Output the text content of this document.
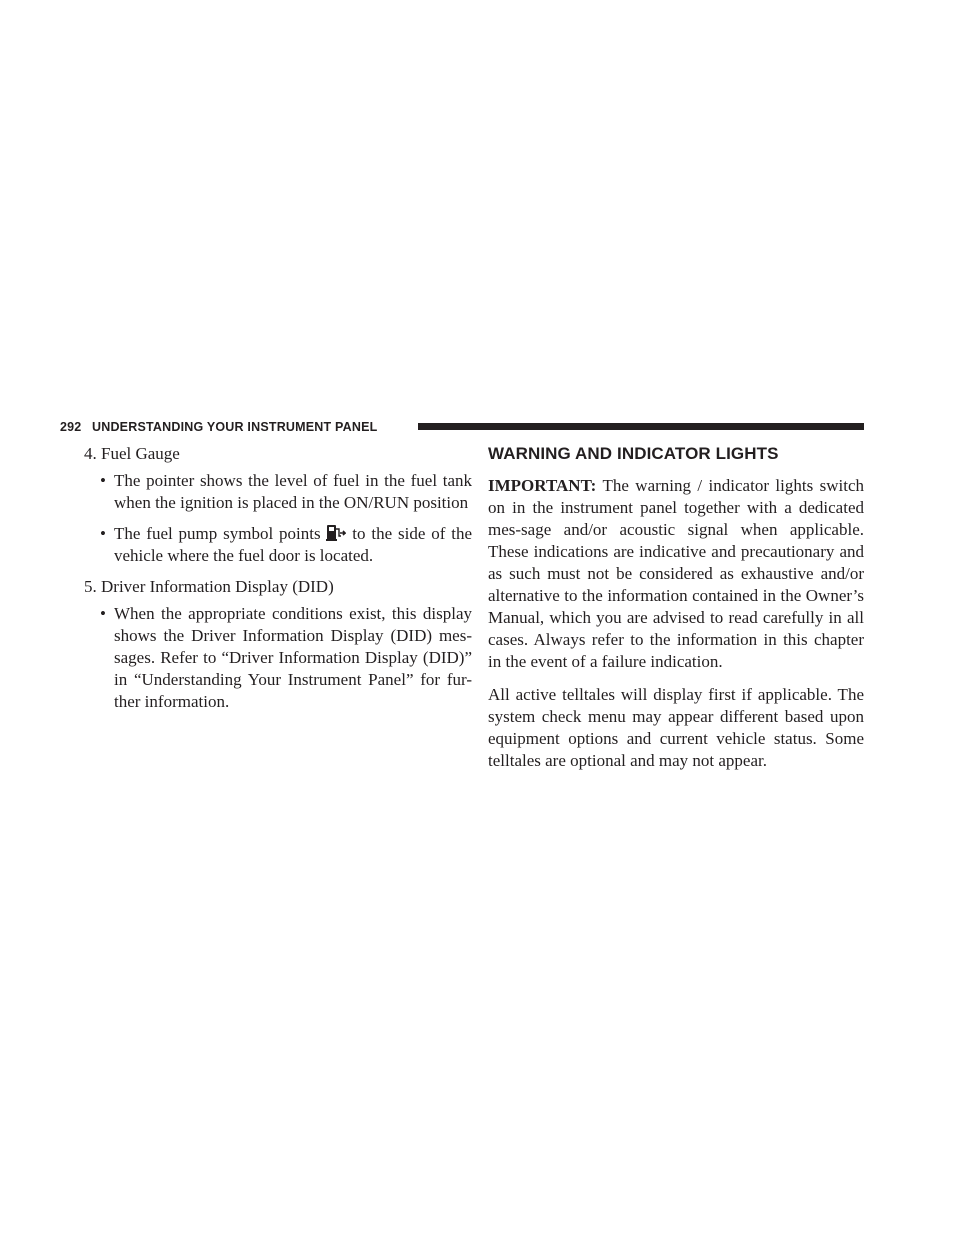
292 UNDERSTANDING YOUR INSTRUMENT PANEL

4. Fuel Gauge

• The pointer shows the level of fuel in the fuel tank when the ignition is placed in the ON/RUN position

• The fuel pump symbol points  to the side of the vehicle where the fuel door is located.

5. Driver Information Display (DID)

• When the appropriate conditions exist, this display shows the Driver Information Display (DID) mes-sages. Refer to “Driver Information Display (DID)” in “Understanding Your Instrument Panel” for fur-ther information.

WARNING AND INDICATOR LIGHTS

IMPORTANT: The warning / indicator lights switch on in the instrument panel together with a dedicated mes-sage and/or acoustic signal when applicable. These indications are indicative and precautionary and as such must not be considered as exhaustive and/or alternative to the information contained in the Owner’s Manual, which you are advised to read carefully in all cases. Always refer to the information in this chapter in the event of a failure indication.

All active telltales will display first if applicable. The system check menu may appear different based upon equipment options and current vehicle status. Some telltales are optional and may not appear.
